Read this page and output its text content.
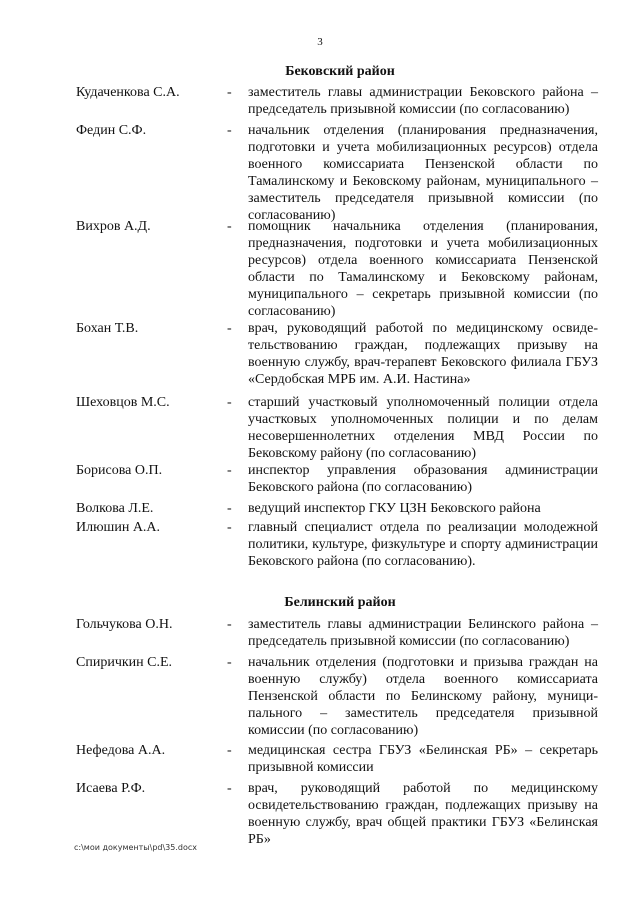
3
Бековский район
Кудаченкова С.А.	- заместитель главы администрации Бековского района – председатель призывной комиссии (по согласованию)
Федин С.Ф.	- начальник отделения (планирования предназначения, подготовки и учета мобилизационных ресурсов) отдела военного комиссариата Пензенской области по Тамалинскому и Бековскому районам, муниципального – заместитель председателя призывной комиссии (по согласованию)
Вихров А.Д.	- помощник начальника отделения (планирования, предназначения, подготовки и учета мобилизационных ресурсов) отдела военного комиссариата Пензенской области по Тамалинскому и Бековскому районам, муниципального – секретарь призывной комиссии (по согласованию)
Бохан Т.В.	- врач, руководящий работой по медицинскому освидетельствованию граждан, подлежащих призыву на военную службу, врач-терапевт Бековского филиала ГБУЗ «Сердобская МРБ им. А.И. Настина»
Шеховцов М.С.	- старший участковый уполномоченный полиции отдела участковых уполномоченных полиции и по делам несовершеннолетних отделения МВД России по Бековскому району (по согласованию)
Борисова О.П.	- инспектор управления образования администрации Бековского района (по согласованию)
Волкова Л.Е.	- ведущий инспектор ГКУ ЦЗН Бековского района
Илюшин А.А.	- главный специалист отдела по реализации молодежной политики, культуре, физкультуре и спорту администрации Бековского района (по согласованию).
Белинский район
Гольчукова О.Н.	- заместитель главы администрации Белинского района – председатель призывной комиссии (по согласованию)
Спиричкин С.Е.	- начальник отделения (подготовки и призыва граждан на военную службу) отдела военного комиссариата Пензенской области по Белинскому району, муниципального – заместитель председателя призывной комиссии (по согласованию)
Нефедова А.А.	- медицинская сестра ГБУЗ «Белинская РБ» – секретарь призывной комиссии
Исаева Р.Ф.	- врач, руководящий работой по медицинскому освидетельствованию граждан, подлежащих призыву на военную службу, врач общей практики ГБУЗ «Белинская РБ»
с:\мои документы\pd\35.docx
